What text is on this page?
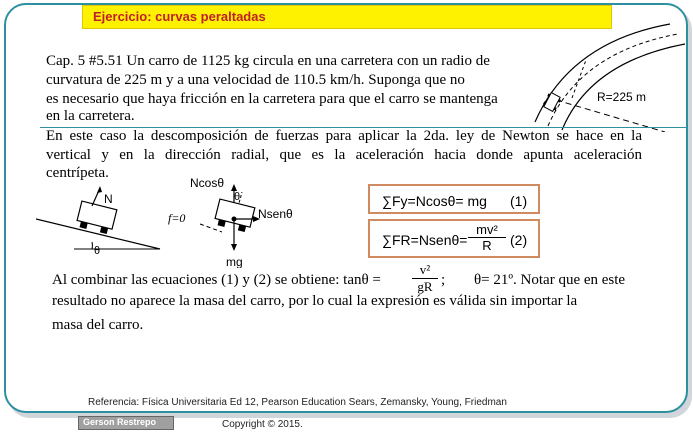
Ejercicio: curvas peraltadas
Cap. 5 #5.51 Un carro de 1125 kg circula en una carretera con un radio de
curvatura de 225 m y a una velocidad de 110.5 km/h. Suponga que no
es necesario que haya fricción en la carretera para que el carro se mantenga
en la carretera.
R=225 m
En este caso la descomposición de fuerzas para aplicar la 2da. ley de Newton se hace en la
vertical y en la dirección radial, que es la aceleración hacia donde apunta aceleración
centrípeta.
N
θ
Ncosθ
θ
Nsenθ
f=0
mg
∑Fy=Ncosθ= mg (1)
∑FR=Nsenθ= $\frac{\text{mv²}}{R} (2)$
Al combinar las ecuaciones (1) y (2) se obtiene: $\tan\theta = \frac{\text{v²}}{gR}$ ; θ= 21º. Notar que en este
resultado no aparece la masa del carro, por lo cual la expresión es válida sin importar la
masa del carro.
Referencia: Física Universitaria Ed 12, Pearson Education Sears, Zemansky, Young, Friedman
Gerson Restrepo	Copyright © 2015.
